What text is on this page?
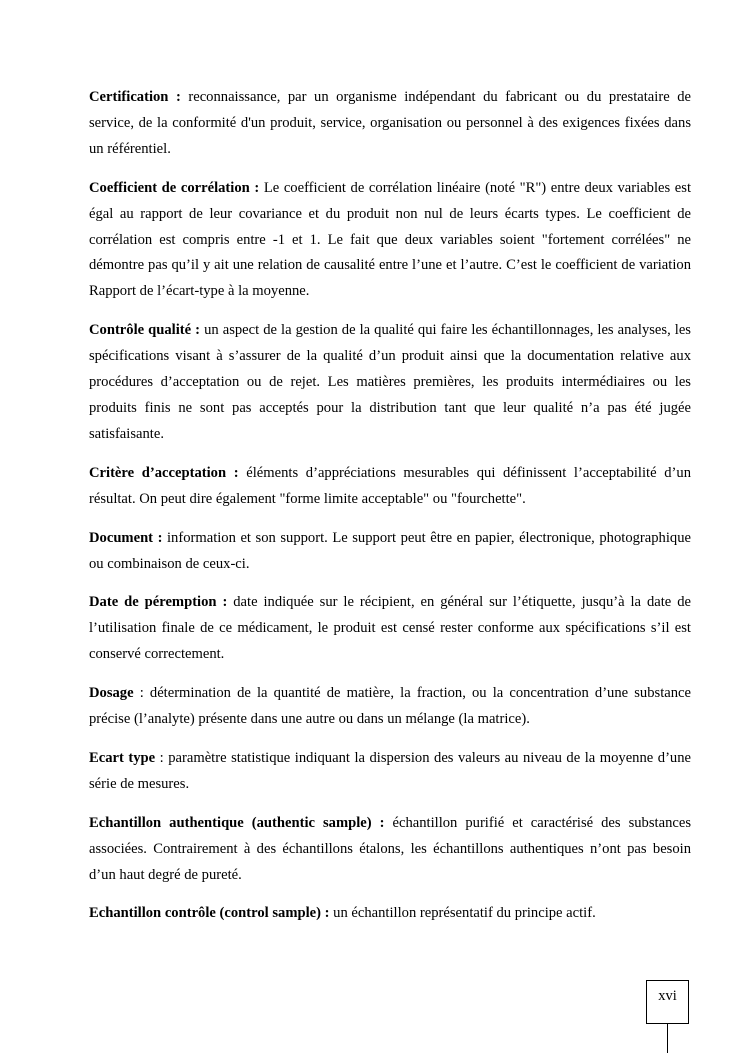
Certification : reconnaissance, par un organisme indépendant du fabricant ou du prestataire de service, de la conformité d'un produit, service, organisation ou personnel à des exigences fixées dans un référentiel.

Coefficient de corrélation : Le coefficient de corrélation linéaire (noté "R") entre deux variables est égal au rapport de leur covariance et du produit non nul de leurs écarts types. Le coefficient de corrélation est compris entre -1 et 1. Le fait que deux variables soient "fortement corrélées" ne démontre pas qu’il y ait une relation de causalité entre l’une et l’autre. C’est le coefficient de variation Rapport de l’écart-type à la moyenne.

Contrôle qualité : un aspect de la gestion de la qualité qui faire les échantillonnages, les analyses, les spécifications visant à s’assurer de la qualité d’un produit ainsi que la documentation relative aux procédures d’acceptation ou de rejet. Les matières premières, les produits intermédiaires ou les produits finis ne sont pas acceptés pour la distribution tant que leur qualité n’a pas été jugée satisfaisante.

Critère d’acceptation : éléments d’appréciations mesurables qui définissent l’acceptabilité d’un résultat. On peut dire également "forme limite acceptable" ou "fourchette".

Document : information et son support. Le support peut être en papier, électronique, photographique ou combinaison de ceux-ci.

Date de péremption : date indiquée sur le récipient, en général sur l’étiquette, jusqu’à la date de l’utilisation finale de ce médicament, le produit est censé rester conforme aux spécifications s’il est conservé correctement.

Dosage : détermination de la quantité de matière, la fraction, ou la concentration d’une substance précise (l’analyte) présente dans une autre ou dans un mélange (la matrice).

Ecart type : paramètre statistique indiquant la dispersion des valeurs au niveau de la moyenne d’une série de mesures.

Echantillon authentique (authentic sample) : échantillon purifié et caractérisé des substances associées. Contrairement à des échantillons étalons, les échantillons authentiques n’ont pas besoin d’un haut degré de pureté.

Echantillon contrôle (control sample) : un échantillon représentatif du principe actif.

xvi
